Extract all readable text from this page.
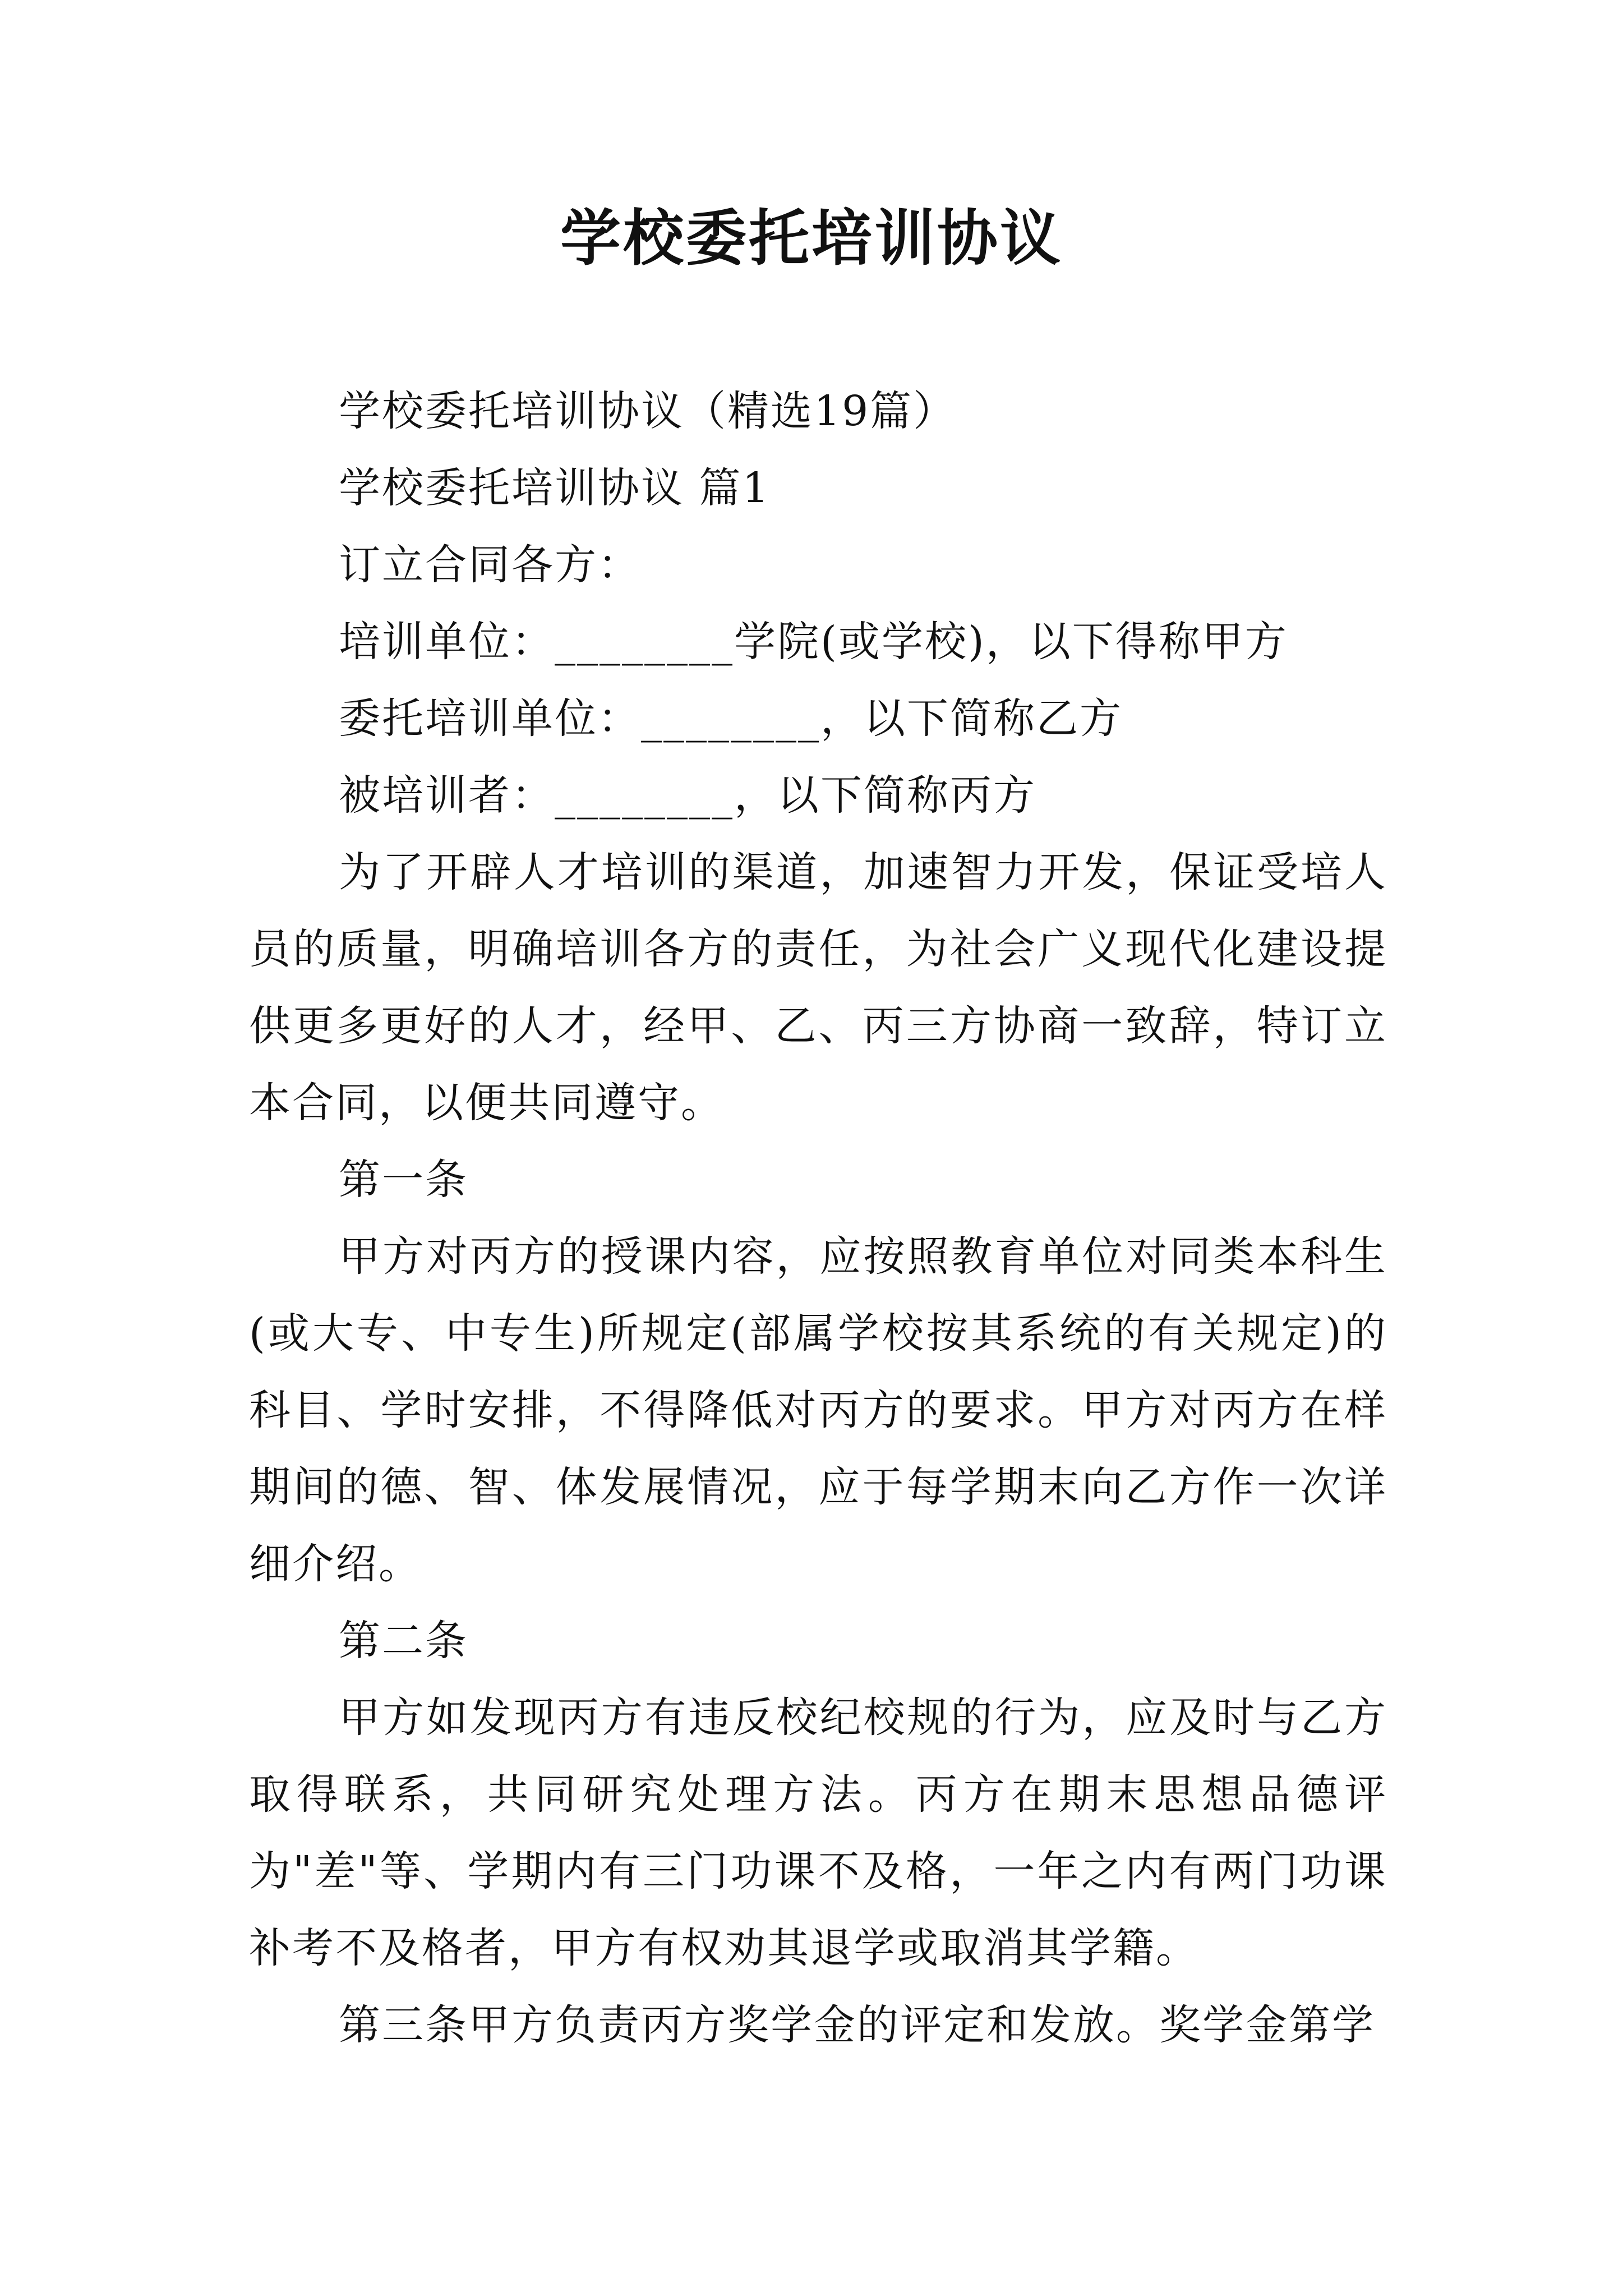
学校委托培训协议

学校委托培训协议（精选19篇）

学校委托培训协议 篇1

订立合同各方：

培训单位：________学院(或学校)，以下得称甲方

委托培训单位：________，以下简称乙方

被培训者：________，以下简称丙方

为了开辟人才培训的渠道，加速智力开发，保证受培人员的质量，明确培训各方的责任，为社会广义现代化建设提供更多更好的人才，经甲、乙、丙三方协商一致辞，特订立本合同，以便共同遵守。

第一条

甲方对丙方的授课内容，应按照教育单位对同类本科生(或大专、中专生)所规定(部属学校按其系统的有关规定)的科目、学时安排，不得降低对丙方的要求。甲方对丙方在样期间的德、智、体发展情况，应于每学期末向乙方作一次详细介绍。

第二条

甲方如发现丙方有违反校纪校规的行为，应及时与乙方取得联系，共同研究处理方法。丙方在期末思想品德评为"差"等、学期内有三门功课不及格，一年之内有两门功课补考不及格者，甲方有权劝其退学或取消其学籍。

第三条甲方负责丙方奖学金的评定和发放。奖学金第学
